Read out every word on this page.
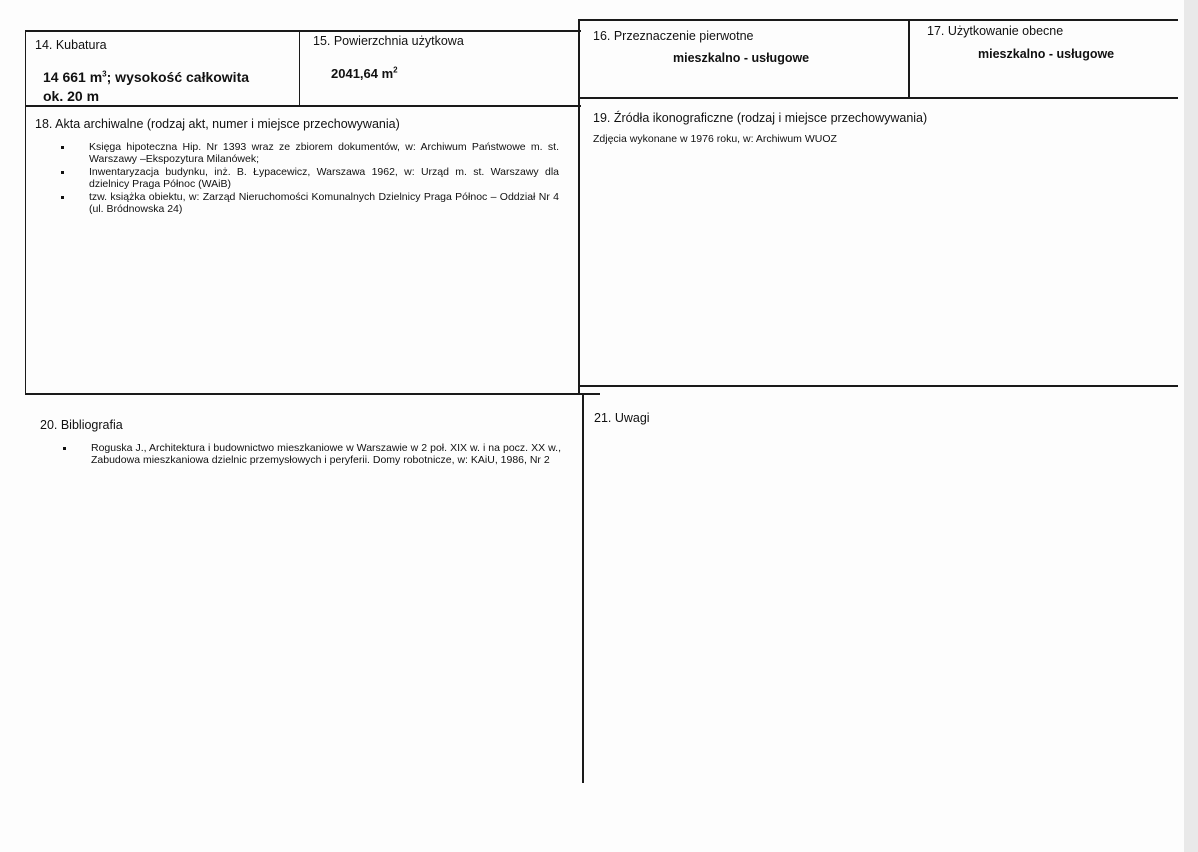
14. Kubatura
14 661 $m^3$; wysokość całkowita
ok. 20 m
15. Powierzchnia użytkowa
2041,64 $m^2$
16. Przeznaczenie pierwotne
mieszkalno - usługowe
17. Użytkowanie obecne
mieszkalno - usługowe
18. Akta archiwalne (rodzaj akt, numer i miejsce przechowywania)
Księga hipoteczna Hip. Nr 1393 wraz ze zbiorem dokumentów, w: Archiwum Państwowe m. st. Warszawy –Ekspozytura Milanówek;
Inwentaryzacja budynku, inż. B. Łypacewicz, Warszawa 1962, w: Urząd m. st. Warszawy dla dzielnicy Praga Północ (WAiB)
tzw. książka obiektu, w: Zarząd Nieruchomości Komunalnych Dzielnicy Praga Północ – Oddział Nr 4 (ul. Bródnowska 24)
19. Źródła ikonograficzne (rodzaj i miejsce przechowywania)
Zdjęcia wykonane w 1976 roku, w: Archiwum WUOZ
20. Bibliografia
Roguska J., Architektura i budownictwo mieszkaniowe w Warszawie w 2 poł. XIX w. i na pocz. XX w., Zabudowa mieszkaniowa dzielnic przemysłowych i peryferii. Domy robotnicze, w: KAiU, 1986, Nr 2
21. Uwagi
